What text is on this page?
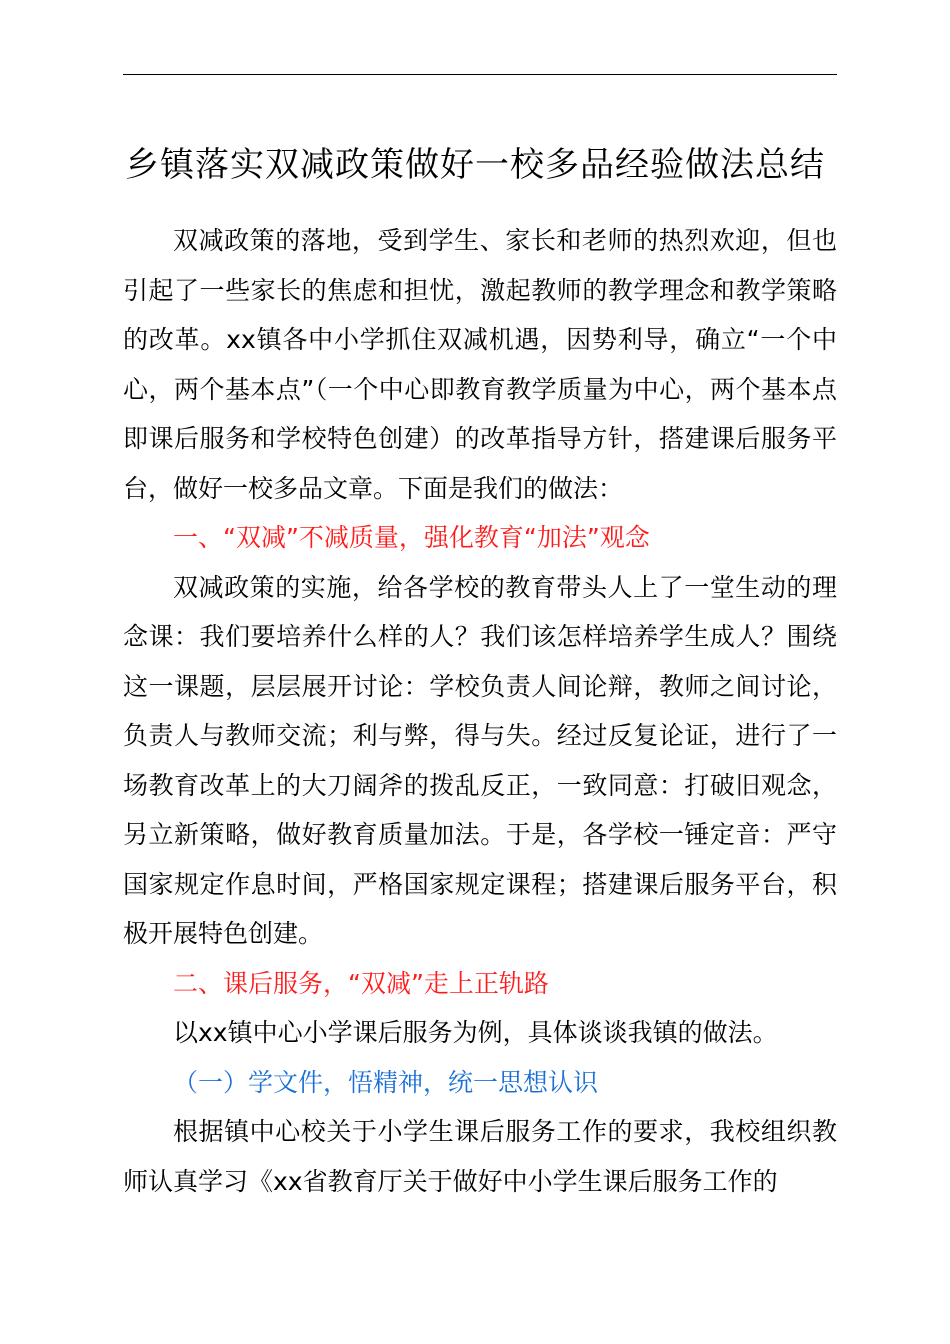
乡镇落实双减政策做好一校多品经验做法总结

双减政策的落地，受到学生、家长和老师的热烈欢迎，但也引起了一些家长的焦虑和担忧，激起教师的教学理念和教学策略的改革。xx镇各中小学抓住双减机遇，因势利导，确立“一个中心，两个基本点”（一个中心即教育教学质量为中心，两个基本点即课后服务和学校特色创建）的改革指导方针，搭建课后服务平台，做好一校多品文章。下面是我们的做法：

一、“双减”不减质量，强化教育“加法”观念

双减政策的实施，给各学校的教育带头人上了一堂生动的理念课：我们要培养什么样的人？我们该怎样培养学生成人？围绕这一课题，层层展开讨论：学校负责人间论辩，教师之间讨论，负责人与教师交流；利与弊，得与失。经过反复论证，进行了一场教育改革上的大刀阔斧的拨乱反正，一致同意：打破旧观念，另立新策略，做好教育质量加法。于是，各学校一锤定音：严守国家规定作息时间，严格国家规定课程；搭建课后服务平台，积极开展特色创建。

二、课后服务，“双减”走上正轨路

以xx镇中心小学课后服务为例，具体谈谈我镇的做法。

（一）学文件，悟精神，统一思想认识

根据镇中心校关于小学生课后服务工作的要求，我校组织教师认真学习《xx省教育厅关于做好中小学生课后服务工作的
